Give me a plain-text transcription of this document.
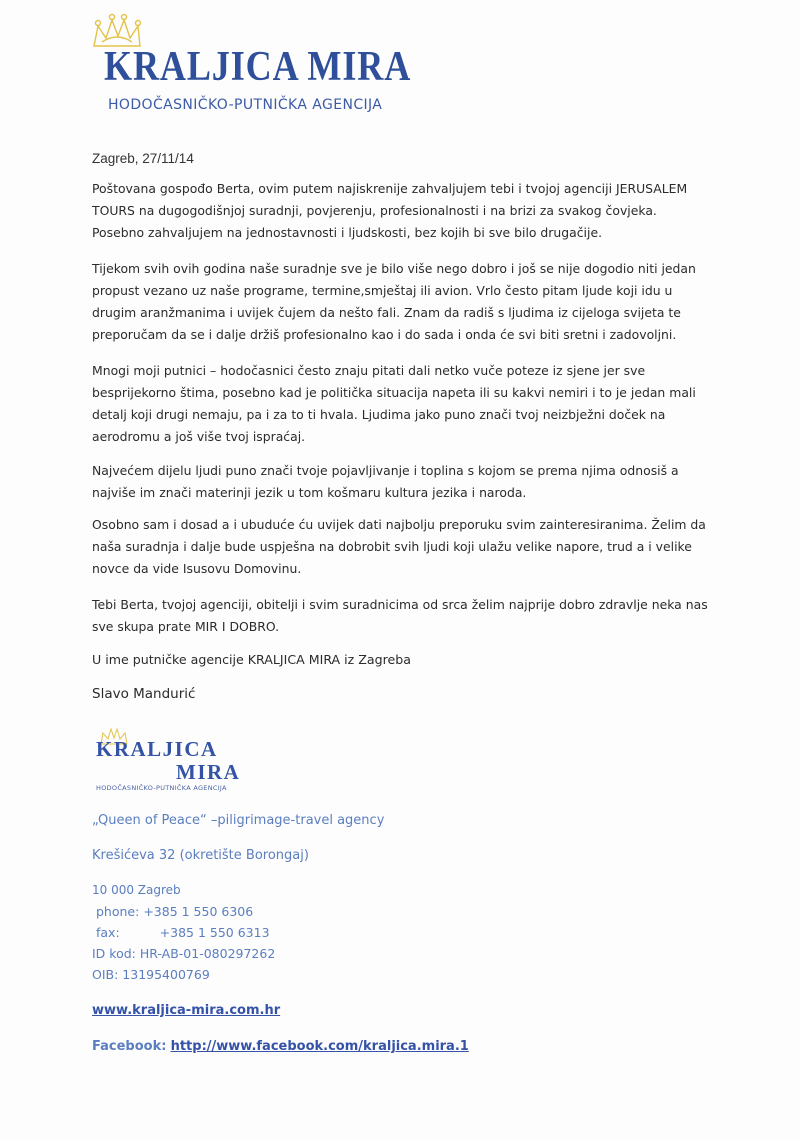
KRALJICA MIRA
HODOČASNIČKO-PUTNIČKA AGENCIJA
Zagreb, 27/11/14
Poštovana gospođo Berta, ovim putem najiskrenije zahvaljujem tebi i tvojoj agenciji JERUSALEM TOURS na dugogodišnjoj suradnji, povjerenju, profesionalnosti i na brizi za svakog čovjeka. Posebno zahvaljujem na jednostavnosti i ljudskosti, bez kojih bi sve bilo drugačije.
Tijekom svih ovih godina naše suradnje sve je bilo više nego dobro i još se nije dogodio niti jedan propust vezano uz naše programe, termine,smještaj ili avion. Vrlo često pitam ljude koji idu u drugim aranžmanima i uvijek čujem da nešto fali. Znam da radiš s ljudima iz cijeloga svijeta te preporučam da se i dalje držiš profesionalno kao i do sada i onda će svi biti sretni i zadovoljni.
Mnogi moji putnici – hodočasnici često znaju pitati dali netko vuče poteze iz sjene jer sve besprijekorno štima, posebno kad je politička situacija napeta ili su kakvi nemiri i to je jedan mali detalj koji drugi nemaju, pa i za to ti hvala. Ljudima jako puno znači tvoj neizbježni doček na aerodromu a još više tvoj ispraćaj.
Najvećem dijelu ljudi puno znači tvoje pojavljivanje i toplina s kojom se prema njima odnosiš a najviše im znači materinji jezik u tom košmaru kultura jezika i naroda.
Osobno sam i dosad a i ubuduće ću uvijek dati najbolju preporuku svim zainteresiranima. Želim da naša suradnja i dalje bude uspješna na dobrobit svih ljudi koji ulažu velike napore, trud a i velike novce da vide Isusovu Domovinu.
Tebi Berta, tvojoj agenciji, obitelji i svim suradnicima od srca želim najprije dobro zdravlje neka nas sve skupa prate MIR I DOBRO.
U ime putničke agencije KRALJICA MIRA iz Zagreba
Slavo Mandurić
KRALJICA
MIRA
HODOČASNIČKO-PUTNIČKA AGENCIJA
„Queen of Peace“ –piligrimage-travel agency
Krešićeva 32 (okretište Borongaj)
10 000 Zagreb
phone: +385 1 550 6306
fax:	+385 1 550 6313
ID kod: HR-AB-01-080297262
OIB: 13195400769
www.kraljica-mira.com.hr
Facebook: http://www.facebook.com/kraljica.mira.1
